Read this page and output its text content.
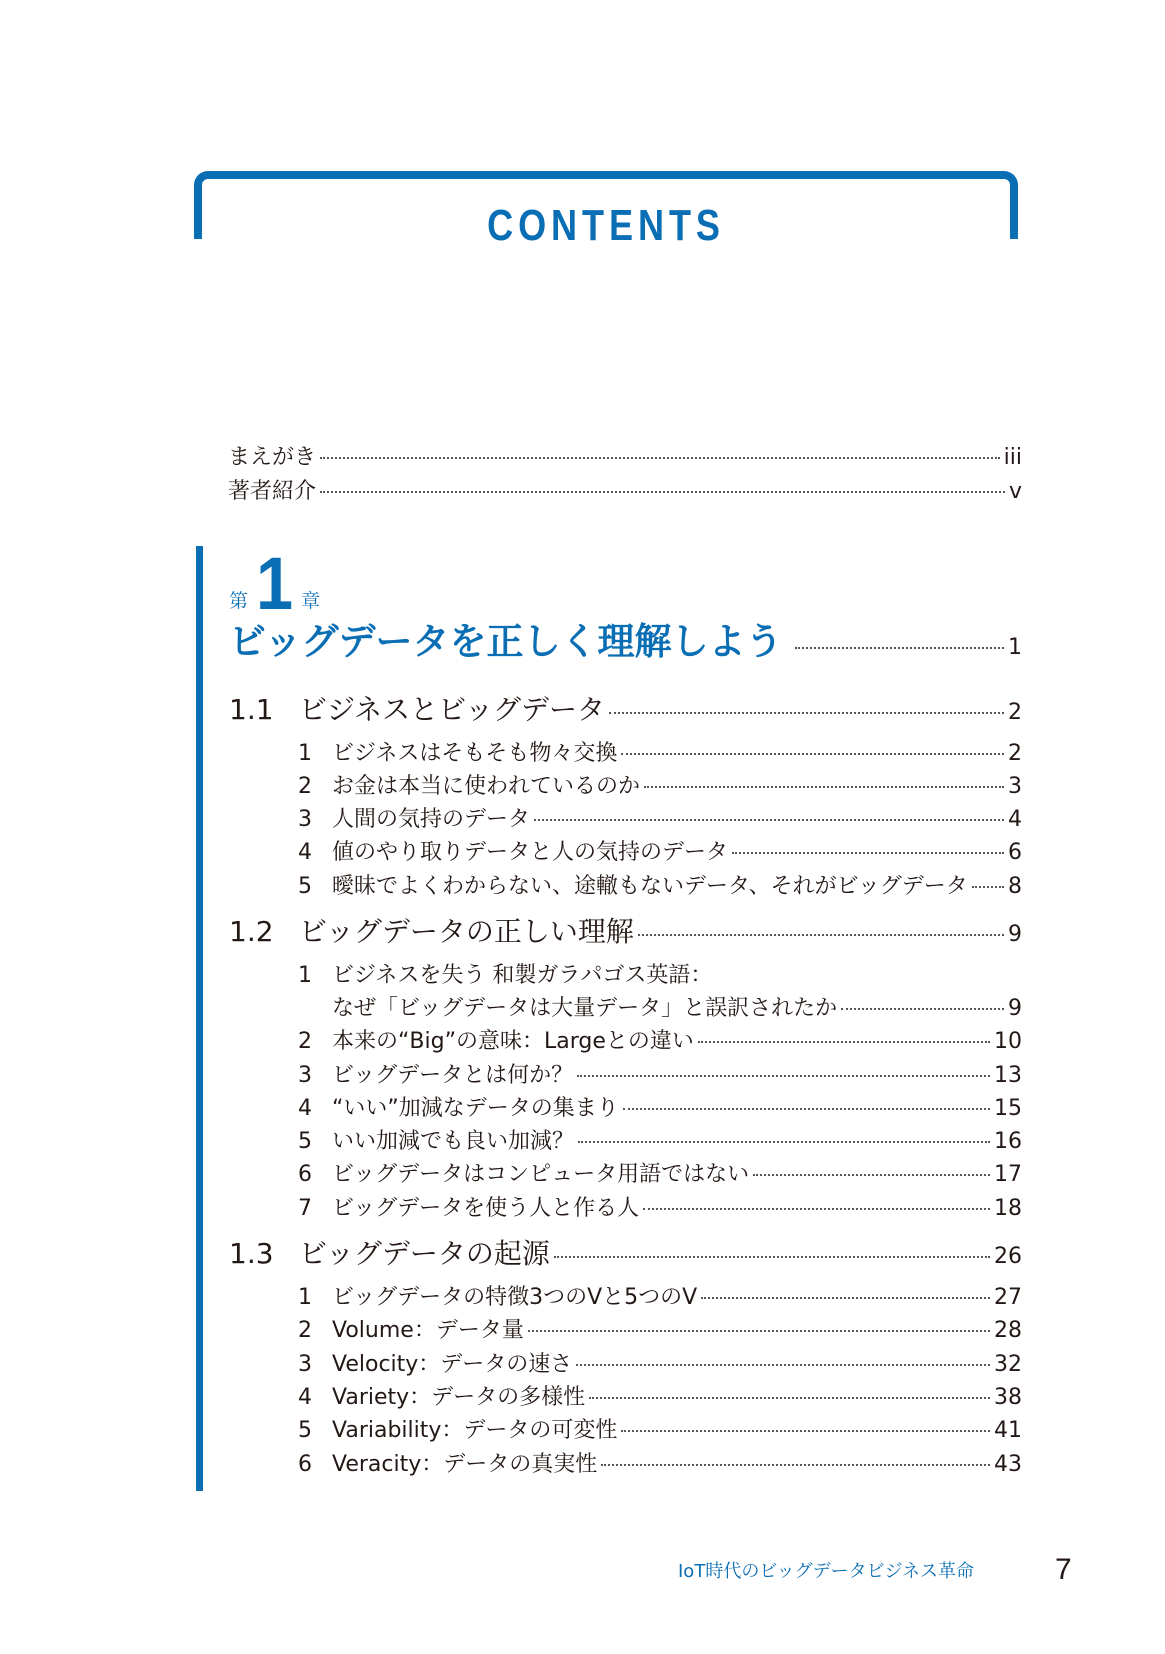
CONTENTS
まえがき	iii
著者紹介	v
第 1 章
ビッグデータを正しく理解しよう	1
1.1 ビジネスとビッグデータ	2
1 ビジネスはそもそも物々交換	2
2 お金は本当に使われているのか	3
3 人間の気持のデータ	4
4 値のやり取りデータと人の気持のデータ	6
5 曖昧でよくわからない、途轍もないデータ、それがビッグデータ 8
1.2 ビッグデータの正しい理解	9
1 ビジネスを失う 和製ガラパゴス英語：
なぜ「ビッグデータは大量データ」と誤訳されたか	9
2 本来の“Big”の意味：Largeとの違い	10
3 ビッグデータとは何か？	13
4 “いい”加減なデータの集まり	15
5 いい加減でも良い加減？	16
6 ビッグデータはコンピュータ用語ではない	17
7 ビッグデータを使う人と作る人	18
1.3 ビッグデータの起源	26
1 ビッグデータの特徴3つのVと5つのV	27
2 Volume：データ量	28
3 Velocity：データの速さ	32
4 Variety：データの多様性	38
5 Variability：データの可変性	41
6 Veracity：データの真実性	43
IoT時代のビッグデータビジネス革命	7
